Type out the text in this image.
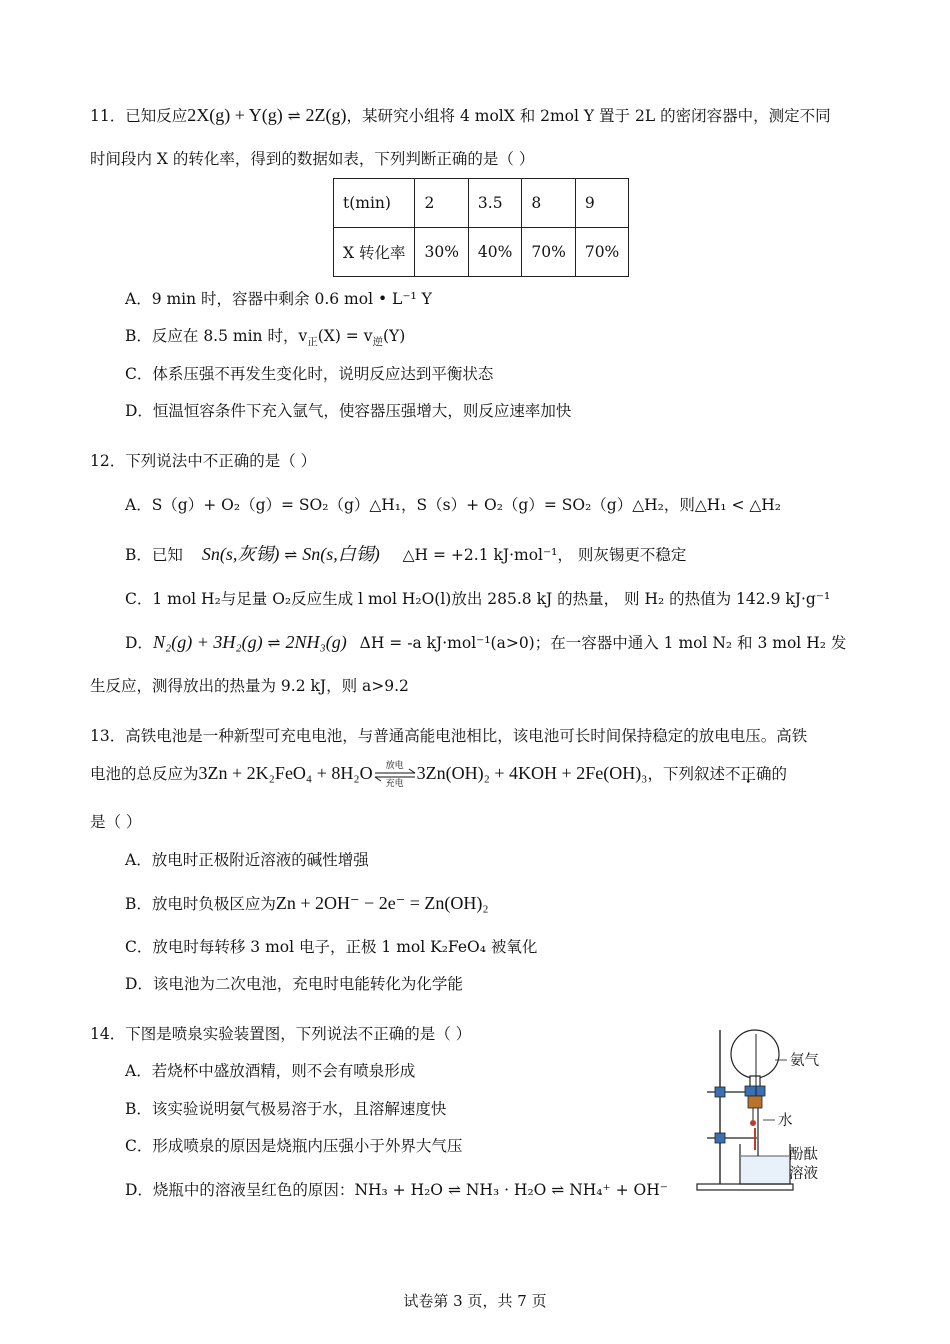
11．已知反应2X(g) + Y(g) ⇌ 2Z(g)，某研究小组将 4 molX 和 2mol Y 置于 2L 的密闭容器中，测定不同
时间段内 X 的转化率，得到的数据如表，下列判断正确的是（ ）
t(min)	2	3.5	8	9
X 转化率	30%	40%	70%	70%
A．9 min 时，容器中剩余 0.6 mol • L⁻¹ Y
B．反应在 8.5 min 时，$v_正(X) = v_逆(Y)$
C．体系压强不再发生变化时，说明反应达到平衡状态
D．恒温恒容条件下充入氩气，使容器压强增大，则反应速率加快
12．下列说法中不正确的是（ ）
A．S（g）+ O₂（g）= SO₂（g）△H₁，S（s）+ O₂（g）= SO₂（g）△H₂，则△H₁ < △H₂
B．已知 Sn(s,灰锡) ⇌ Sn(s,白锡) △H = +2.1 kJ·mol⁻¹， 则灰锡更不稳定
C．1 mol H₂与足量 O₂反应生成 l mol H₂O(l)放出 285.8 kJ 的热量， 则 H₂ 的热值为 142.9 kJ·g⁻¹
D．N₂(g) + 3H₂(g) ⇌ 2NH₃(g) ΔH = -a kJ·mol⁻¹(a>0)；在一容器中通入 1 mol N₂ 和 3 mol H₂ 发
生反应，测得放出的热量为 9.2 kJ，则 a>9.2
13．高铁电池是一种新型可充电电池，与普通高能电池相比，该电池可长时间保持稳定的放电电压。高铁
电池的总反应为3Zn + 2K₂FeO₄ + 8H₂O	放电
充电
3Zn(OH)₂ + 4KOH + 2Fe(OH)₃，下列叙述不正确的
是（ ）
A．放电时正极附近溶液的碱性增强
B．放电时负极区应为Zn + 2OH⁻ − 2e⁻ = Zn(OH)₂
C．放电时每转移 3 mol 电子，正极 1 mol K₂FeO₄ 被氧化
D．该电池为二次电池，充电时电能转化为化学能
14．下图是喷泉实验装置图，下列说法不正确的是（ ）
A．若烧杯中盛放酒精，则不会有喷泉形成
B．该实验说明氨气极易溶于水，且溶解速度快
C．形成喷泉的原因是烧瓶内压强小于外界大气压
D．烧瓶中的溶液呈红色的原因：NH₃ + H₂O ⇌ NH₃ · H₂O ⇌ NH₄⁺ + OH⁻
氨气
水
酚酞
溶液
试卷第 3 页，共 7 页
